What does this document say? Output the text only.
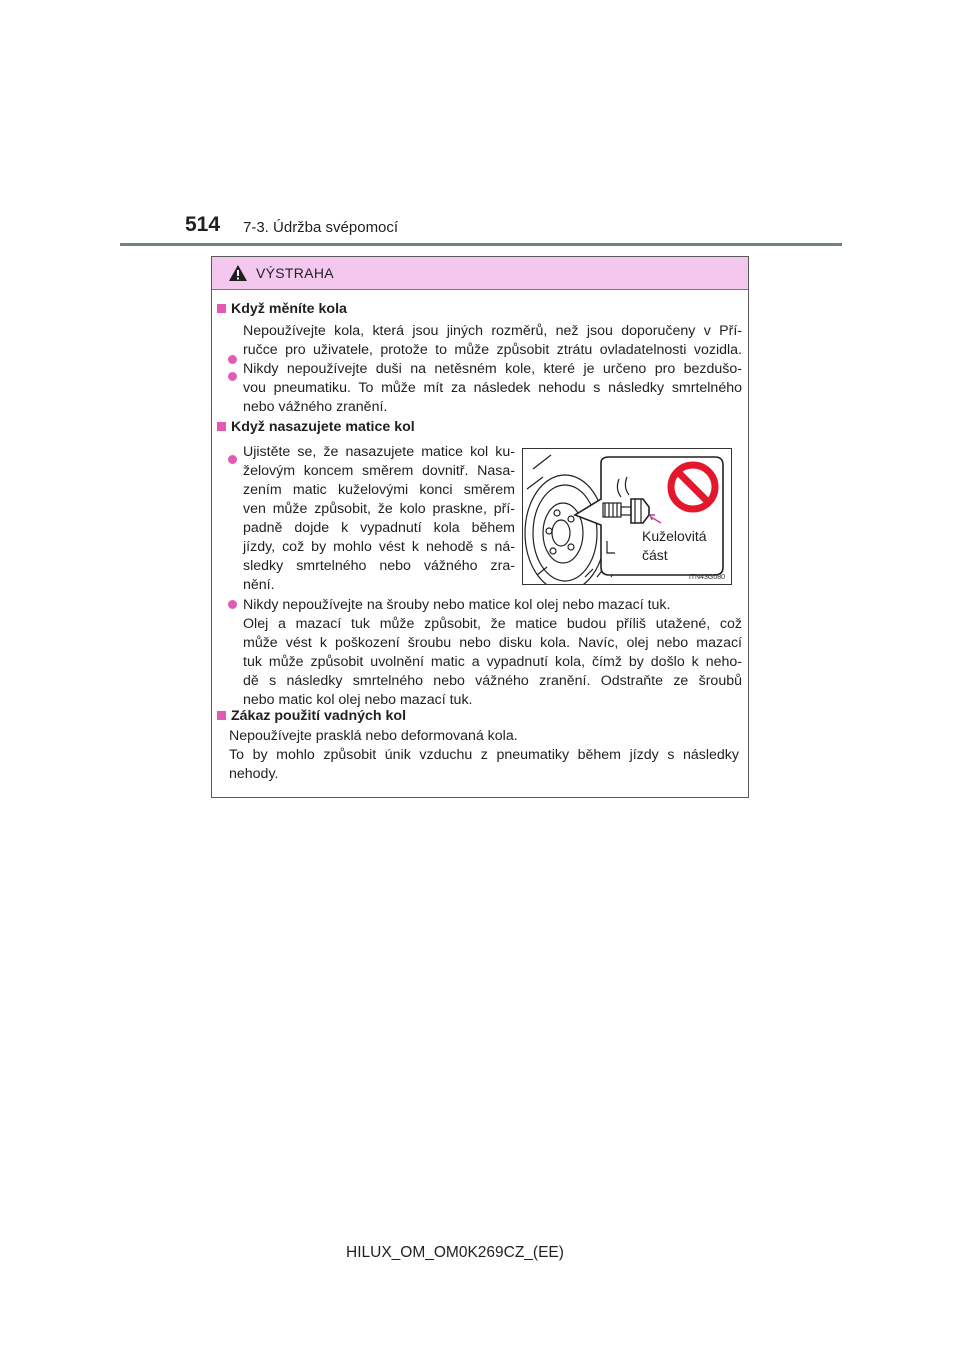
514 7-3. Údržba svépomocí
VÝSTRAHA
Když měníte kola
Nepoužívejte kola, která jsou jiných rozměrů, než jsou doporučeny v Pří-
ručce pro uživatele, protože to může způsobit ztrátu ovladatelnosti vozidla.
Nikdy nepoužívejte duši na netěsném kole, které je určeno pro bezdušo-
vou pneumatiku. To může mít za následek nehodu s následky smrtelného
nebo vážného zranění.
Když nasazujete matice kol
Ujistěte se, že nasazujete matice kol ku-
želovým koncem směrem dovnitř. Nasa-
zením matic kuželovými konci směrem
ven může způsobit, že kolo praskne, pří-
padně dojde k vypadnutí kola během
jízdy, což by mohlo vést k nehodě s ná-
sledky smrtelného nebo vážného zra-
nění.
Kuželovitá
část
ITN43G080
Nikdy nepoužívejte na šrouby nebo matice kol olej nebo mazací tuk.
Olej a mazací tuk může způsobit, že matice budou příliš utažené, což
může vést k poškození šroubu nebo disku kola. Navíc, olej nebo mazací
tuk může způsobit uvolnění matic a vypadnutí kola, čímž by došlo k neho-
dě s následky smrtelného nebo vážného zranění. Odstraňte ze šroubů
nebo matic kol olej nebo mazací tuk.
Zákaz použití vadných kol
Nepoužívejte prasklá nebo deformovaná kola.
To by mohlo způsobit únik vzduchu z pneumatiky během jízdy s následky
nehody.
HILUX_OM_OM0K269CZ_(EE)
